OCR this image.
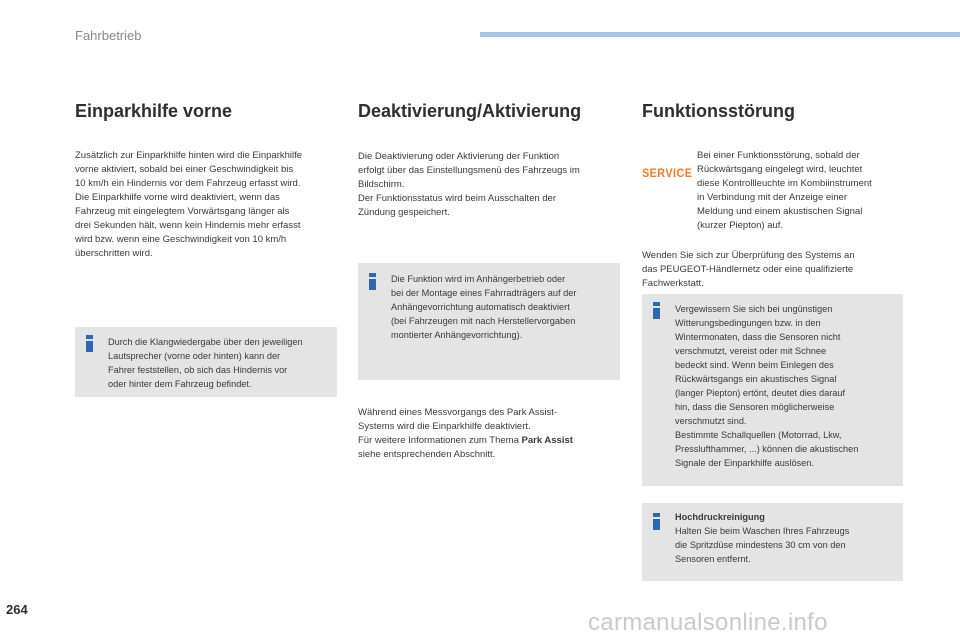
Fahrbetrieb
Einparkhilfe vorne

Zusätzlich zur Einparkhilfe hinten wird die Einparkhilfe

vorne aktiviert, sobald bei einer Geschwindigkeit bis

10 km/h ein Hindernis vor dem Fahrzeug erfasst wird.

Die Einparkhilfe vorne wird deaktiviert, wenn das

Fahrzeug mit eingelegtem Vorwärtsgang länger als

drei Sekunden hält, wenn kein Hindernis mehr erfasst

wird bzw. wenn eine Geschwindigkeit von 10 km/h

überschritten wird.

Durch die Klangwiedergabe über den jeweiligen

Lautsprecher (vorne oder hinten) kann der

Fahrer feststellen, ob sich das Hindernis vor

oder hinter dem Fahrzeug befindet.

Deaktivierung/Aktivierung

Die Deaktivierung oder Aktivierung der Funktion

erfolgt über das Einstellungsmenü des Fahrzeugs im

Bildschirm.

Der Funktionsstatus wird beim Ausschalten der

Zündung gespeichert.

Die Funktion wird im Anhängerbetrieb oder

bei der Montage eines Fahrradträgers auf der

Anhängevorrichtung automatisch deaktiviert

(bei Fahrzeugen mit nach Herstellervorgaben

montierter Anhängevorrichtung).

Während eines Messvorgangs des Park Assist-

Systems wird die Einparkhilfe deaktiviert.

Für weitere Informationen zum Thema Park Assist

siehe entsprechenden Abschnitt.

Funktionsstörung
SERVICE

Bei einer Funktionsstörung, sobald der

Rückwärtsgang eingelegt wird, leuchtet

diese Kontrollleuchte im Kombiinstrument

in Verbindung mit der Anzeige einer

Meldung und einem akustischen Signal

(kurzer Piepton) auf.

Wenden Sie sich zur Überprüfung des Systems an

das PEUGEOT-Händlernetz oder eine qualifizierte

Fachwerkstatt.

Vergewissern Sie sich bei ungünstigen

Witterungsbedingungen bzw. in den

Wintermonaten, dass die Sensoren nicht

verschmutzt, vereist oder mit Schnee

bedeckt sind. Wenn beim Einlegen des

Rückwärtsgangs ein akustisches Signal

(langer Piepton) ertönt, deutet dies darauf

hin, dass die Sensoren möglicherweise

verschmutzt sind.

Bestimmte Schallquellen (Motorrad, Lkw,

Presslufthammer, ...) können die akustischen

Signale der Einparkhilfe auslösen.

Hochdruckreinigung

Halten Sie beim Waschen Ihres Fahrzeugs

die Spritzdüse mindestens 30 cm von den

Sensoren entfernt.

264	carmanualsonline.info
